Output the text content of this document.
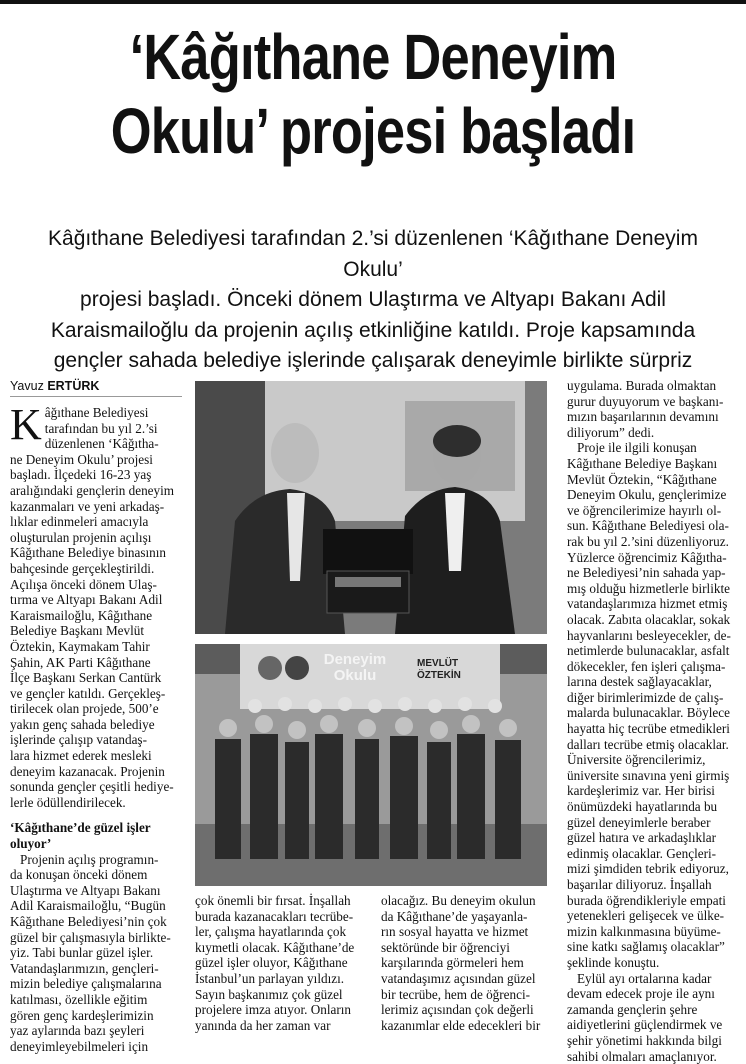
‘Kâğıthane Deneyim
Okulu’ projesi başladı
Kâğıthane Belediyesi tarafından 2.’si düzenlenen ‘Kâğıthane Deneyim Okulu’
projesi başladı. Önceki dönem Ulaştırma ve Altyapı Bakanı Adil
Karaismailoğlu da projenin açılış etkinliğine katıldı. Proje kapsamında
gençler sahada belediye işlerinde çalışarak deneyimle birlikte sürpriz
Yavuz ERTÜRK
K âğıthane Belediyesi
tarafından bu yıl 2.’si
düzenlenen ‘Kâğıtha-
ne Deneyim Okulu’ projesi
başladı. İlçedeki 16-23 yaş
aralığındaki gençlerin deneyim
kazanmaları ve yeni arkadaş-
lıklar edinmeleri amacıyla
oluşturulan projenin açılışı
Kâğıthane Belediye binasının
bahçesinde gerçekleştirildi.
Açılışa önceki dönem Ulaş-
tırma ve Altyapı Bakanı Adil
Karaismailoğlu, Kâğıthane
Belediye Başkanı Mevlüt
Öztekin, Kaymakam Tahir
Şahin, AK Parti Kâğıthane
İlçe Başkanı Serkan Cantürk
ve gençler katıldı. Gerçekleş-
tirilecek olan projede, 500’e
yakın genç sahada belediye
işlerinde çalışıp vatandaş-
lara hizmet ederek mesleki
deneyim kazanacak. Projenin
sonunda gençler çeşitli hediye-
lerle ödüllendirilecek.
‘Kâğıthane’de güzel işler
oluyor’
Projenin açılış programın-
da konuşan önceki dönem
Ulaştırma ve Altyapı Bakanı
Adil Karaismailoğlu, “Bugün
Kâğıthane Belediyesi’nin çok
güzel bir çalışmasıyla birlikte-
yiz. Tabi bunlar güzel işler.
Vatandaşlarımızın, gençleri-
mizin belediye çalışmalarına
katılması, özellikle eğitim
gören genç kardeşlerimizin
yaz aylarında bazı şeyleri
deneyimleyebilmeleri için
Deneyim Okulu
MEVLÜT ÖZTEKİN
çok önemli bir fırsat. İnşallah
burada kazanacakları tecrübe-
ler, çalışma hayatlarında çok
kıymetli olacak. Kâğıthane’de
güzel işler oluyor, Kâğıthane
İstanbul’un parlayan yıldızı.
Sayın başkanımız çok güzel
projelere imza atıyor. Onların
yanında da her zaman var
olacağız. Bu deneyim okulun
da Kâğıthane’de yaşayanla-
rın sosyal hayatta ve hizmet
sektöründe bir öğrenciyi
karşılarında görmeleri hem
vatandaşımız açısından güzel
bir tecrübe, hem de öğrenci-
lerimiz açısından çok değerli
kazanımlar elde edecekleri bir
uygulama. Burada olmaktan
gurur duyuyorum ve başkanı-
mızın başarılarının devamını
diliyorum” dedi.
Proje ile ilgili konuşan
Kâğıthane Belediye Başkanı
Mevlüt Öztekin, “Kâğıthane
Deneyim Okulu, gençlerimize
ve öğrencilerimize hayırlı ol-
sun. Kâğıthane Belediyesi ola-
rak bu yıl 2.’sini düzenliyoruz.
Yüzlerce öğrencimiz Kâğıtha-
ne Belediyesi’nin sahada yap-
mış olduğu hizmetlerle birlikte
vatandaşlarımıza hizmet etmiş
olacak. Zabıta olacaklar, sokak
hayvanlarını besleyecekler, de-
netimlerde bulunacaklar, asfalt
dökecekler, fen işleri çalışma-
larına destek sağlayacaklar,
diğer birimlerimizde de çalış-
malarda bulunacaklar. Böylece
hayatta hiç tecrübe etmedikleri
dalları tecrübe etmiş olacaklar.
Üniversite öğrencilerimiz,
üniversite sınavına yeni girmiş
kardeşlerimiz var. Her birisi
önümüzdeki hayatlarında bu
güzel deneyimlerle beraber
güzel hatıra ve arkadaşlıklar
edinmiş olacaklar. Gençleri-
mizi şimdiden tebrik ediyoruz,
başarılar diliyoruz. İnşallah
burada öğrendikleriyle empati
yetenekleri gelişecek ve ülke-
mizin kalkınmasına büyüme-
sine katkı sağlamış olacaklar”
şeklinde konuştu.
Eylül ayı ortalarına kadar
devam edecek proje ile aynı
zamanda gençlerin şehre
aidiyetlerini güçlendirmek ve
şehir yönetimi hakkında bilgi
sahibi olmaları amaçlanıyor.
